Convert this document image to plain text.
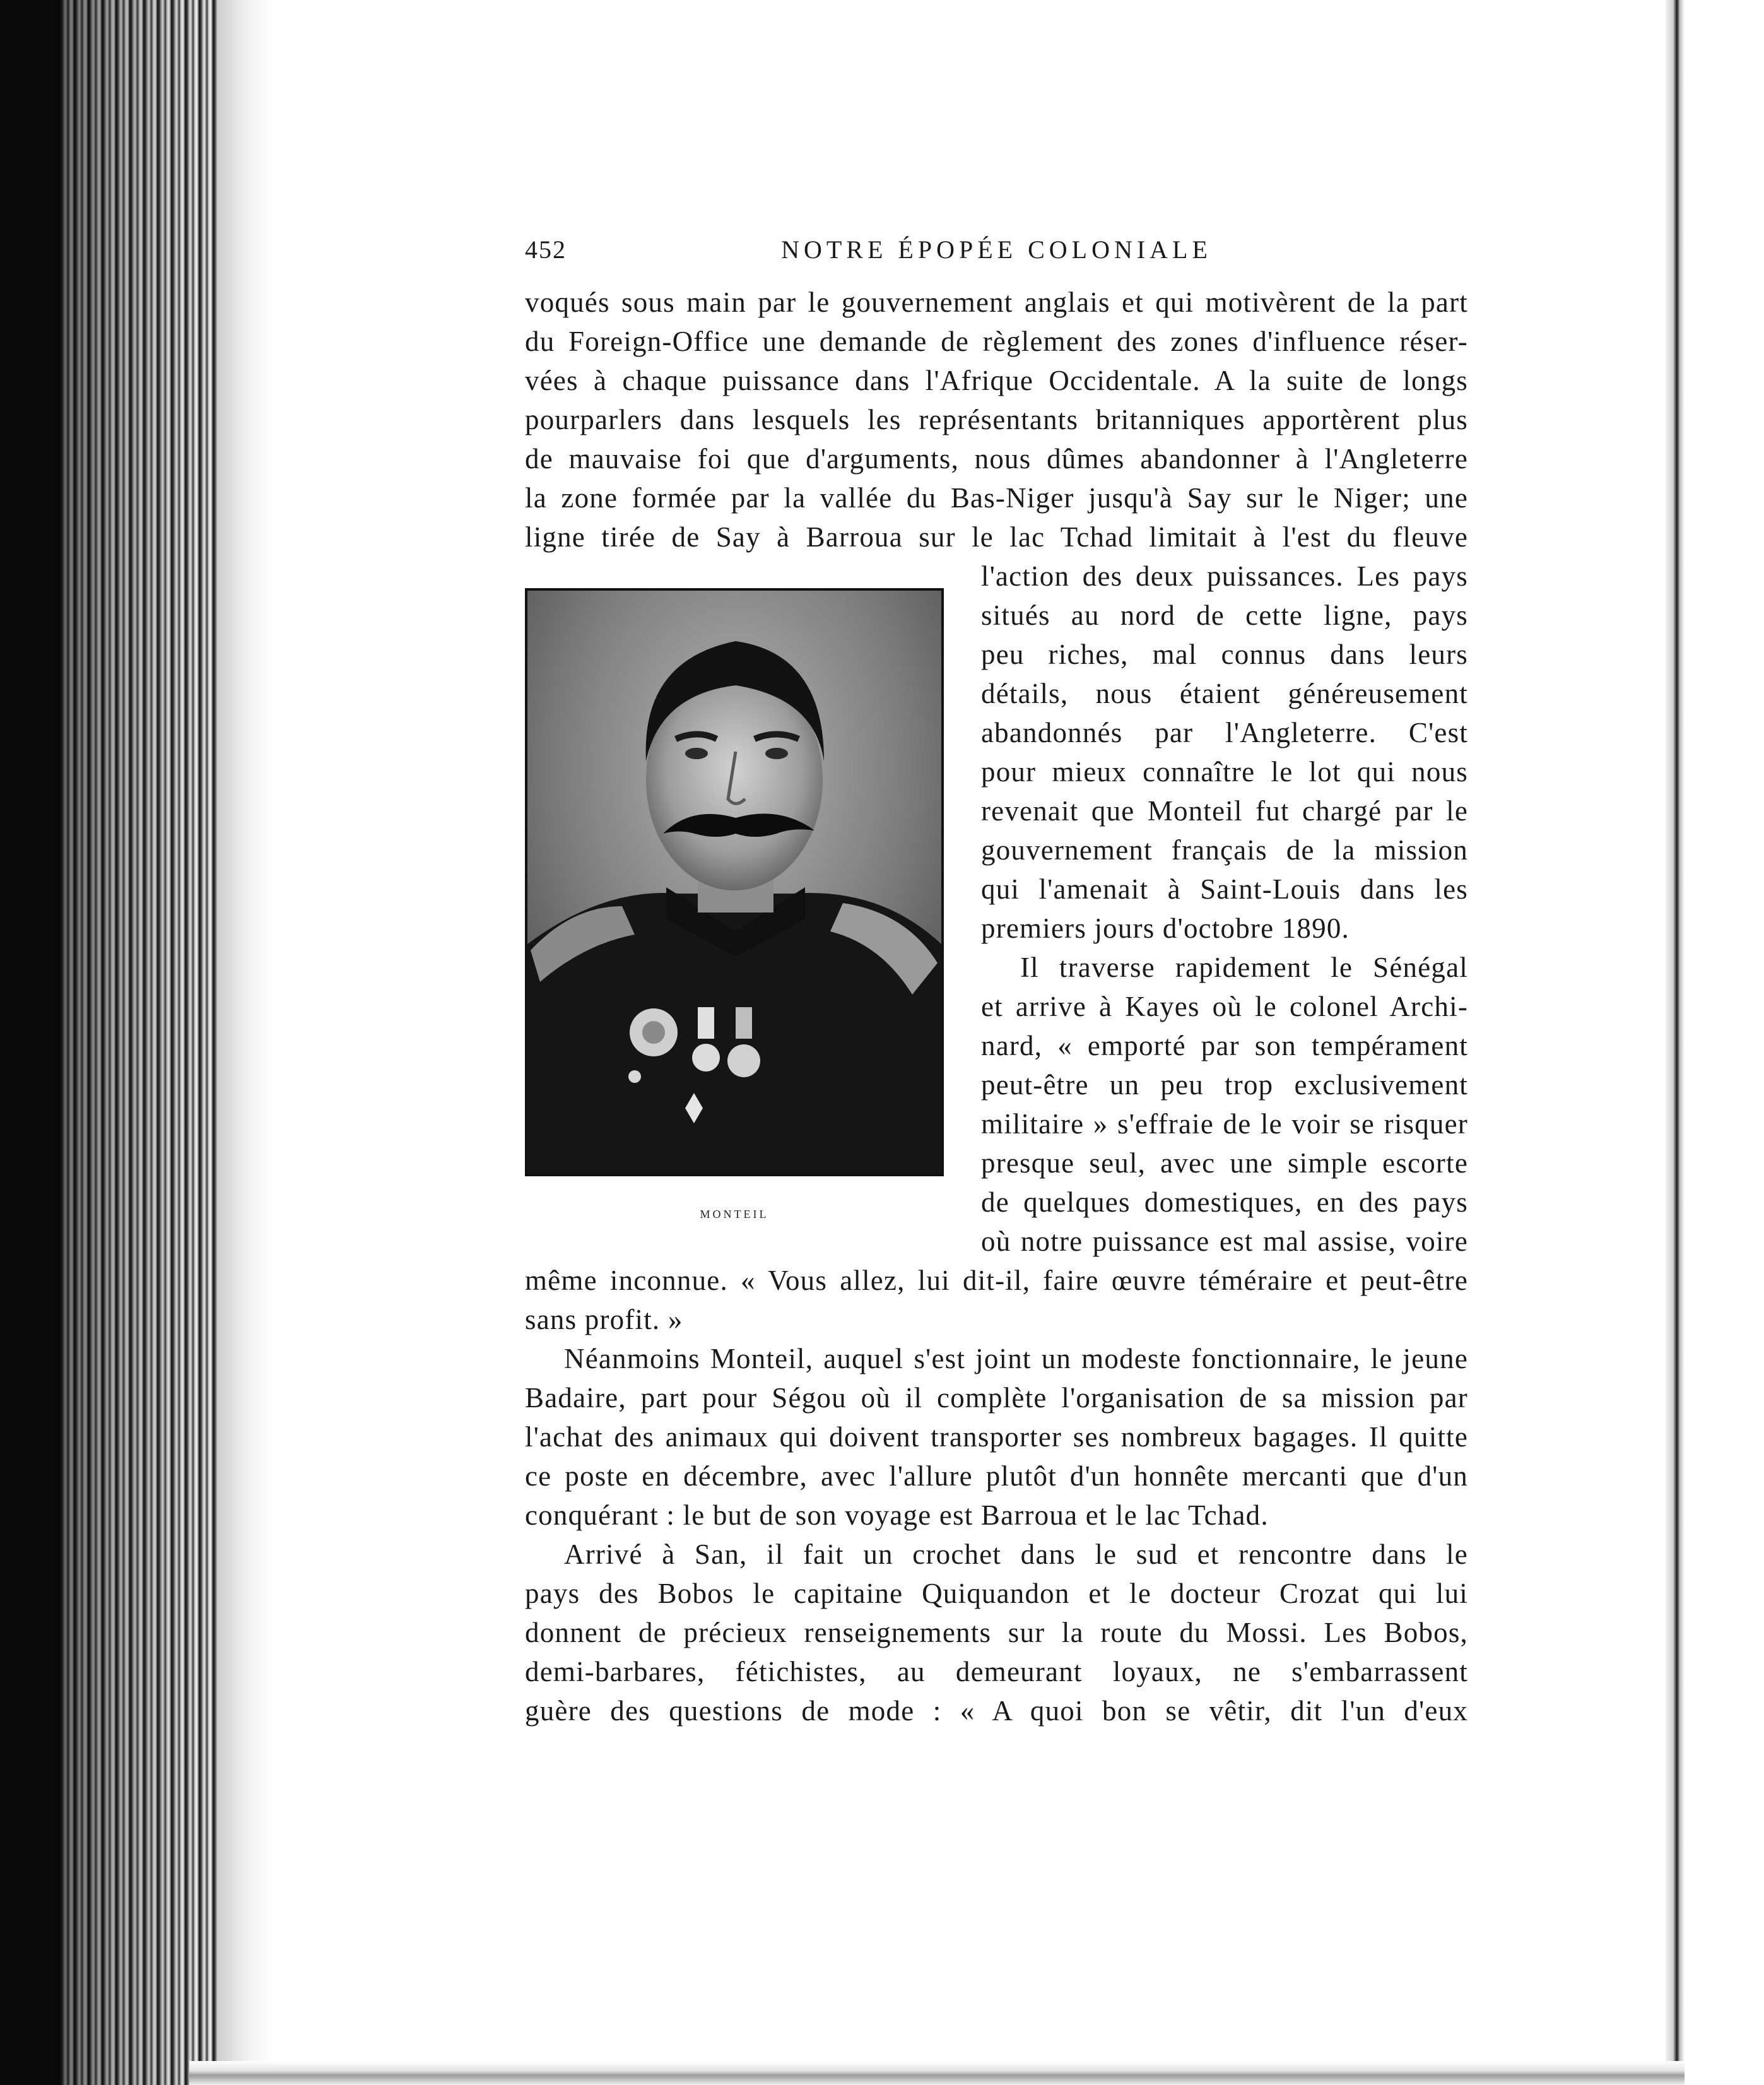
452	NOTRE ÉPOPÉE COLONIALE
MONTEIL
voqués sous main par le gouvernement anglais et qui motivèrent de la part
du Foreign-Office une demande de règlement des zones d'influence réser-
vées à chaque puissance dans l'Afrique Occidentale. A la suite de longs
pourparlers dans lesquels les représentants britanniques apportèrent plus
de mauvaise foi que d'arguments, nous dûmes abandonner à l'Angleterre
la zone formée par la vallée du Bas-Niger jusqu'à Say sur le Niger; une
ligne tirée de Say à Barroua sur le lac Tchad limitait à l'est du fleuve
l'action des deux puissances. Les pays
situés au nord de cette ligne, pays
peu riches, mal connus dans leurs
détails, nous étaient généreusement
abandonnés par l'Angleterre. C'est
pour mieux connaître le lot qui nous
revenait que Monteil fut chargé par le
gouvernement français de la mission
qui l'amenait à Saint-Louis dans les
premiers jours d'octobre 1890.
Il traverse rapidement le Sénégal
et arrive à Kayes où le colonel Archi-
nard, « emporté par son tempérament
peut-être un peu trop exclusivement
militaire » s'effraie de le voir se risquer
presque seul, avec une simple escorte
de quelques domestiques, en des pays
où notre puissance est mal assise, voire
même inconnue. « Vous allez, lui dit-il, faire œuvre téméraire et peut-être
sans profit. »
Néanmoins Monteil, auquel s'est joint un modeste fonctionnaire, le jeune
Badaire, part pour Ségou où il complète l'organisation de sa mission par
l'achat des animaux qui doivent transporter ses nombreux bagages. Il quitte
ce poste en décembre, avec l'allure plutôt d'un honnête mercanti que d'un
conquérant : le but de son voyage est Barroua et le lac Tchad.
Arrivé à San, il fait un crochet dans le sud et rencontre dans le
pays des Bobos le capitaine Quiquandon et le docteur Crozat qui lui
donnent de précieux renseignements sur la route du Mossi. Les Bobos,
demi-barbares, fétichistes, au demeurant loyaux, ne s'embarrassent
guère des questions de mode : « A quoi bon se vêtir, dit l'un d'eux
